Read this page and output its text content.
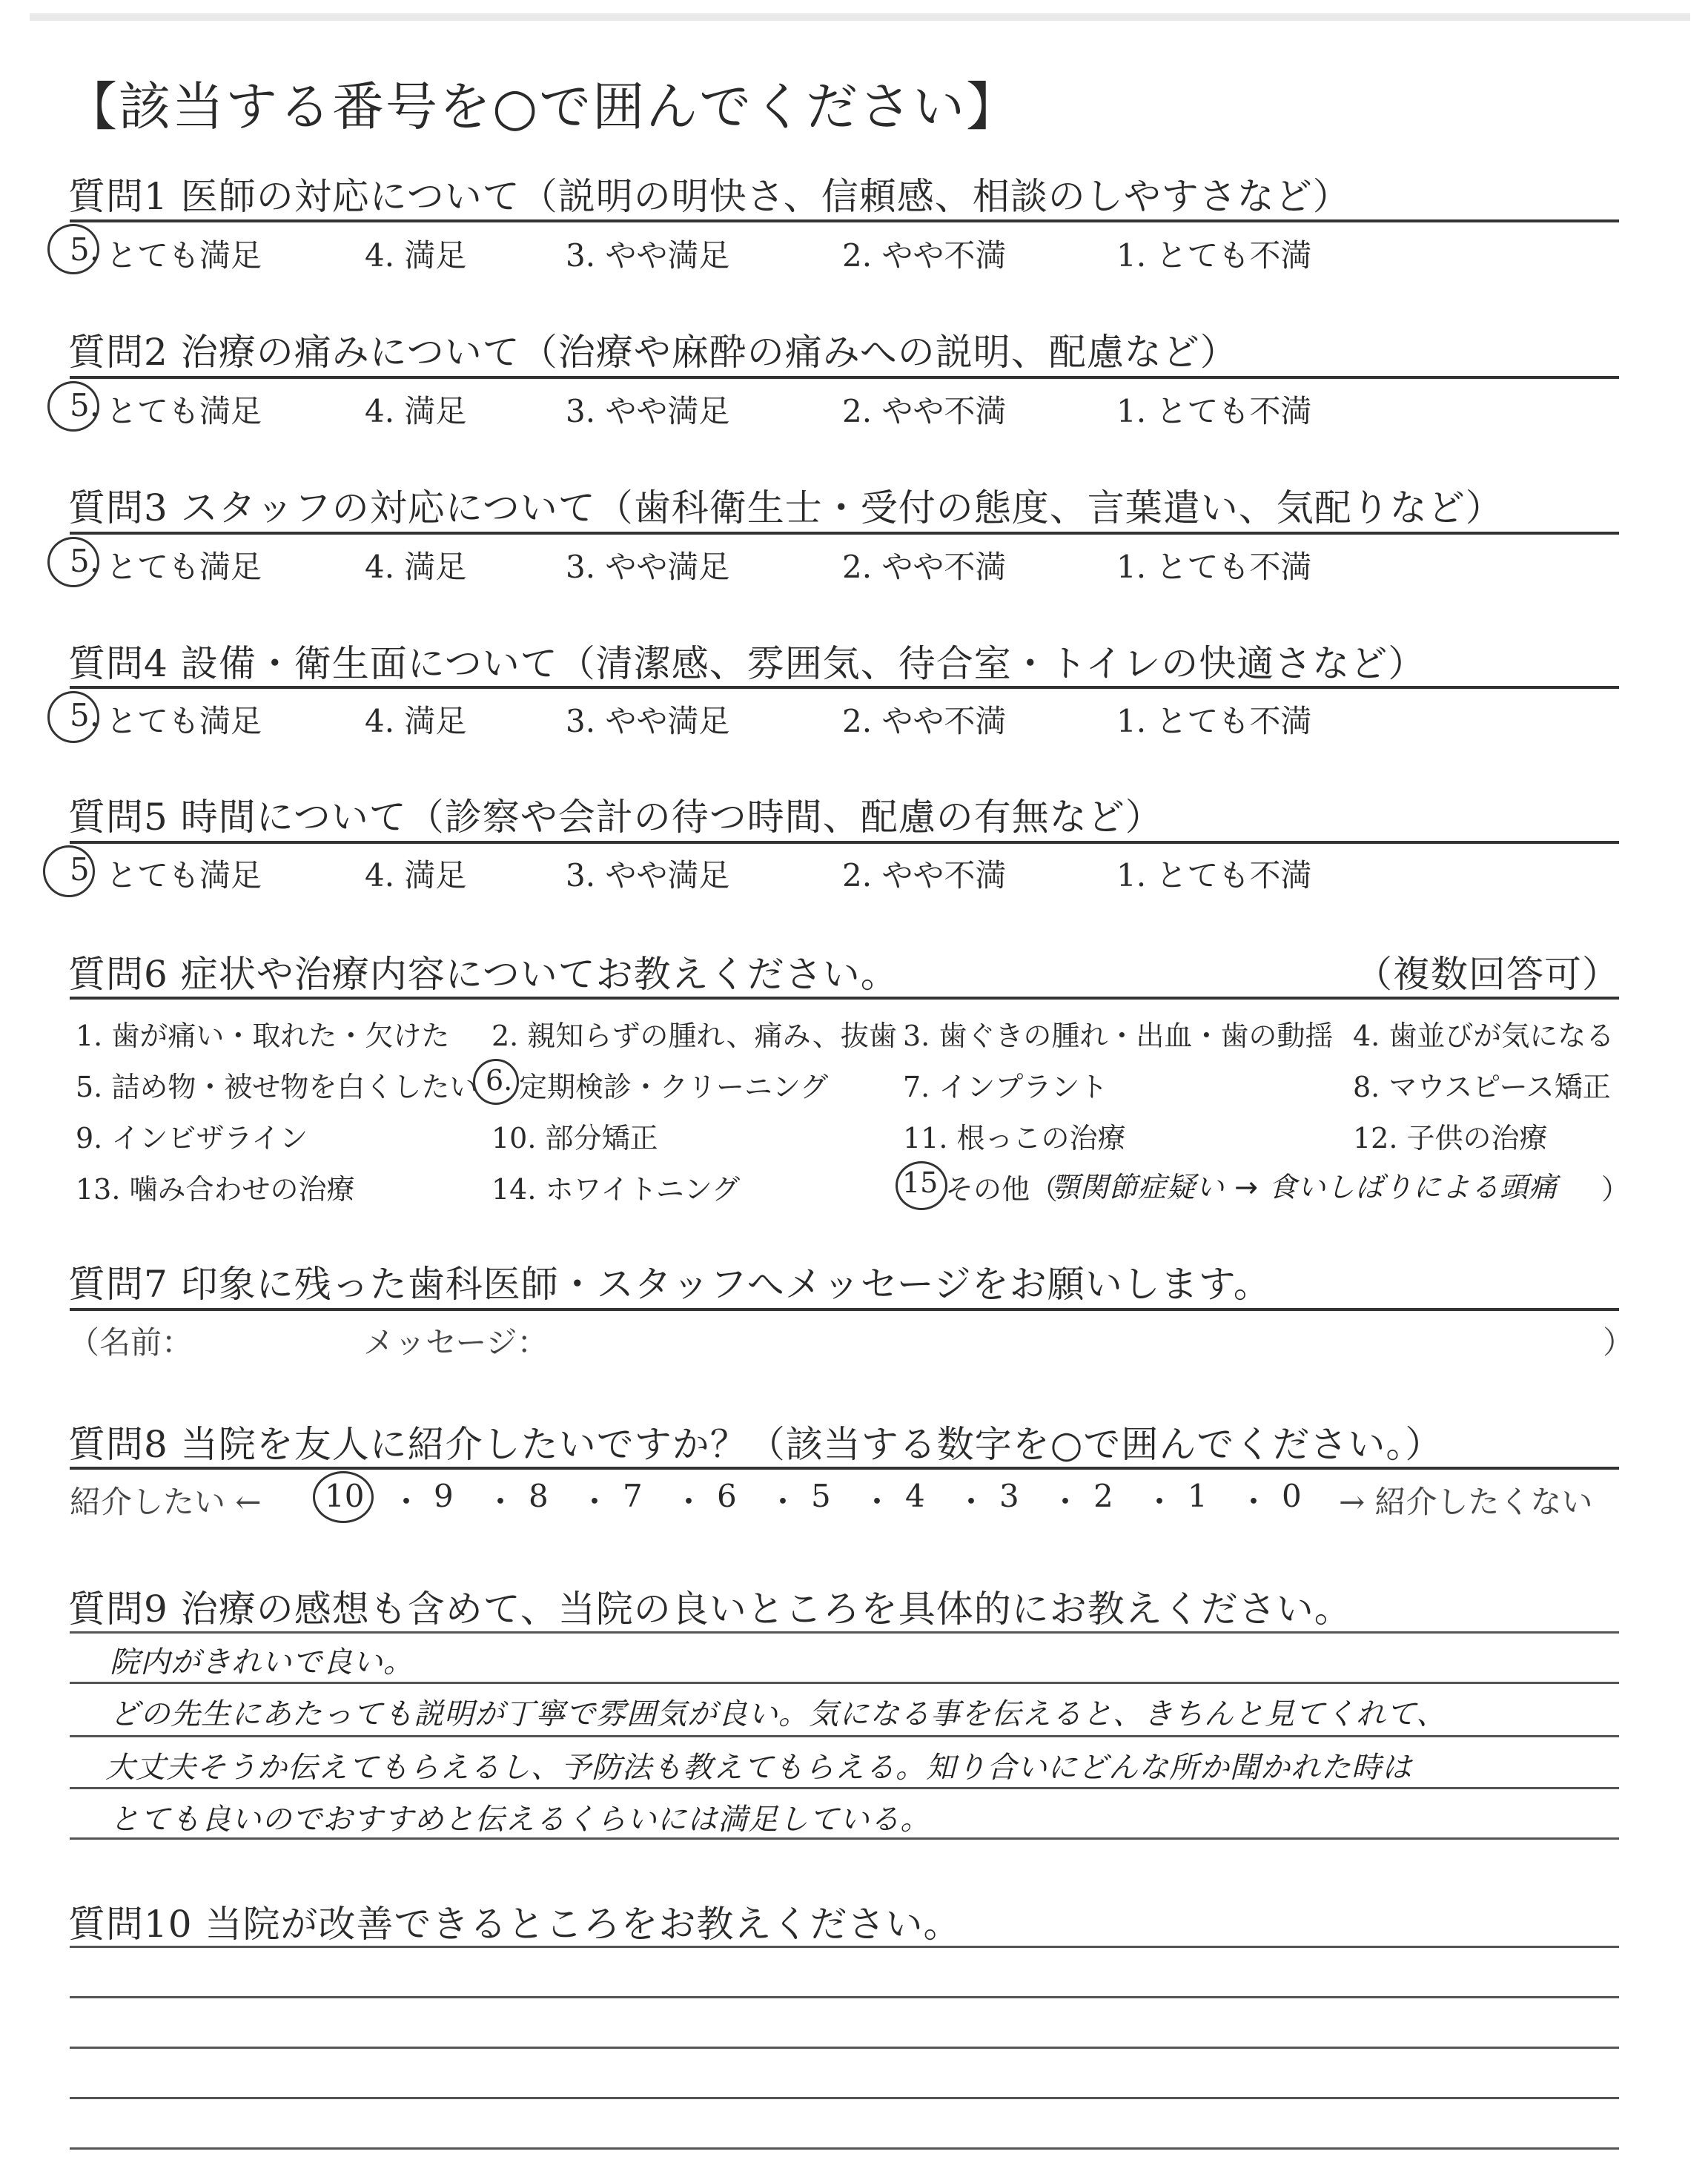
【該当する番号を○で囲んでください】
質問1 医師の対応について（説明の明快さ、信頼感、相談のしやすさなど）
5. とても満足	4. 満足	3. やや満足	2. やや不満	1. とても不満
質問2 治療の痛みについて（治療や麻酔の痛みへの説明、配慮など）
5. とても満足	4. 満足	3. やや満足	2. やや不満	1. とても不満
質問3 スタッフの対応について（歯科衛生士・受付の態度、言葉遣い、気配りなど）
5. とても満足	4. 満足	3. やや満足	2. やや不満	1. とても不満
質問4 設備・衛生面について（清潔感、雰囲気、待合室・トイレの快適さなど）
5. とても満足	4. 満足	3. やや満足	2. やや不満	1. とても不満
質問5 時間について（診察や会計の待つ時間、配慮の有無など）
5 とても満足	4. 満足	3. やや満足	2. やや不満	1. とても不満
質問6 症状や治療内容についてお教えください。	（複数回答可）
1. 歯が痛い・取れた・欠けた 2. 親知らずの腫れ、痛み、抜歯 3. 歯ぐきの腫れ・出血・歯の動揺 4. 歯並びが気になる
5. 詰め物・被せ物を白くしたい 6. 定期検診・クリーニング	7. インプラント	8. マウスピース矯正
9. インビザライン	10. 部分矯正	11. 根っこの治療	12. 子供の治療
13. 噛み合わせの治療	14. ホワイトニング	15 その他（
顎関節症疑い → 食いしばりによる頭痛 ）
質問7 印象に残った歯科医師・スタッフへメッセージをお願いします。
（名前：	メッセージ：	）
質問8 当院を友人に紹介したいですか？（該当する数字を○で囲んでください。）
紹介したい ← 10 ・ 9 ・ 8 ・ 7 ・ 6 ・ 5 ・ 4 ・ 3 ・ 2 ・ 1 ・ 0 → 紹介したくない
質問9 治療の感想も含めて、当院の良いところを具体的にお教えください。
院内がきれいで良い。
どの先生にあたっても説明が丁寧で雰囲気が良い。気になる事を伝えると、きちんと見てくれて、
大丈夫そうか伝えてもらえるし、予防法も教えてもらえる。知り合いにどんな所か聞かれた時は
とても良いのでおすすめと伝えるくらいには満足している。
質問10 当院が改善できるところをお教えください。
